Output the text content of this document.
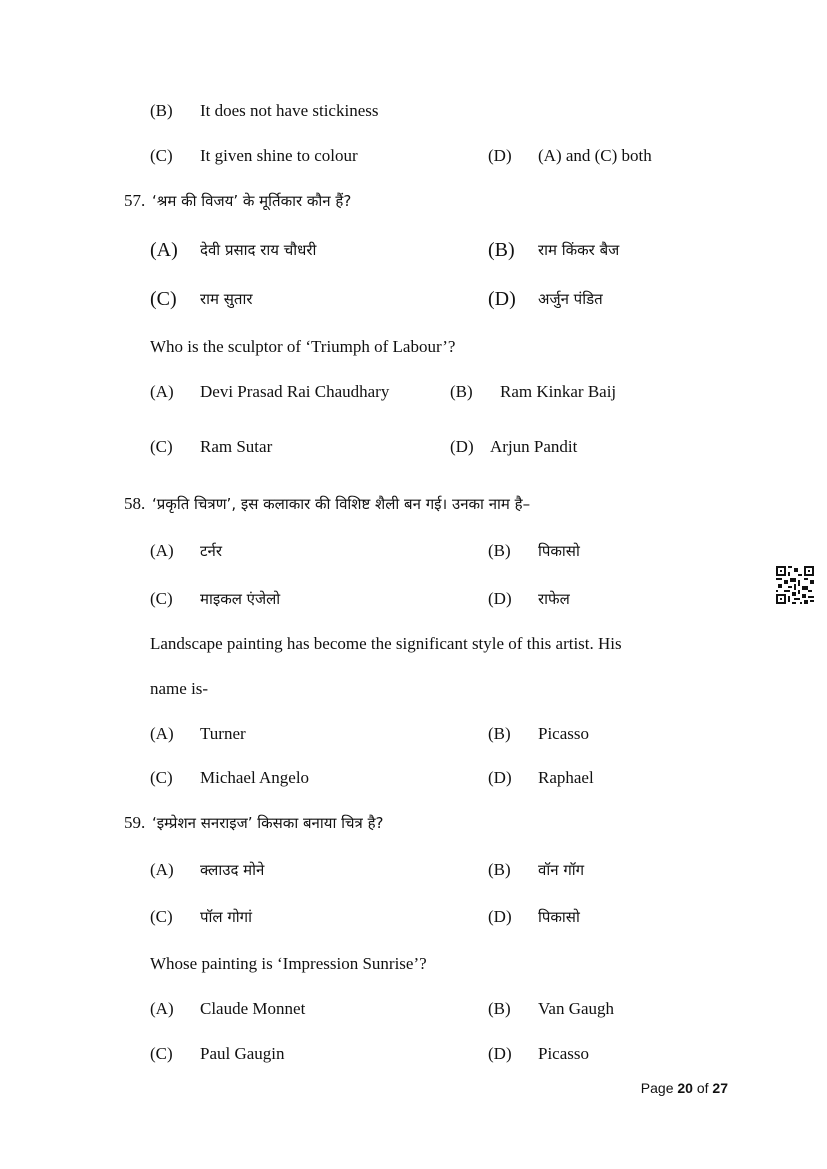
(B) It does not have stickiness
(C) It given shine to colour	(D) (A) and (C) both
57. ‘श्रम की विजय’ के मूर्तिकार कौन हैं?
(A) देवी प्रसाद राय चौधरी	(B) राम किंकर बैज
(C) राम सुतार	(D) अर्जुन पंडित
Who is the sculptor of ‘Triumph of Labour’?
(A) Devi Prasad Rai Chaudhary	(B) Ram Kinkar Baij
(C) Ram Sutar	(D) Arjun Pandit
58. ‘प्रकृति चित्रण’, इस कलाकार की विशिष्ट शैली बन गई। उनका नाम है–
(A) टर्नर	(B) पिकासो
(C) माइकल एंजेलो	(D) राफेल
Landscape painting has become the significant style of this artist. His
name is-
(A) Turner	(B) Picasso
(C) Michael Angelo	(D) Raphael
59. ‘इम्प्रेशन सनराइज’ किसका बनाया चित्र है?
(A) क्लाउद मोने	(B) वॉन गॉग
(C) पॉल गोगां	(D) पिकासो
Whose painting is ‘Impression Sunrise’?
(A) Claude Monnet	(B) Van Gaugh
(C) Paul Gaugin	(D) Picasso
Page 20 of 27
